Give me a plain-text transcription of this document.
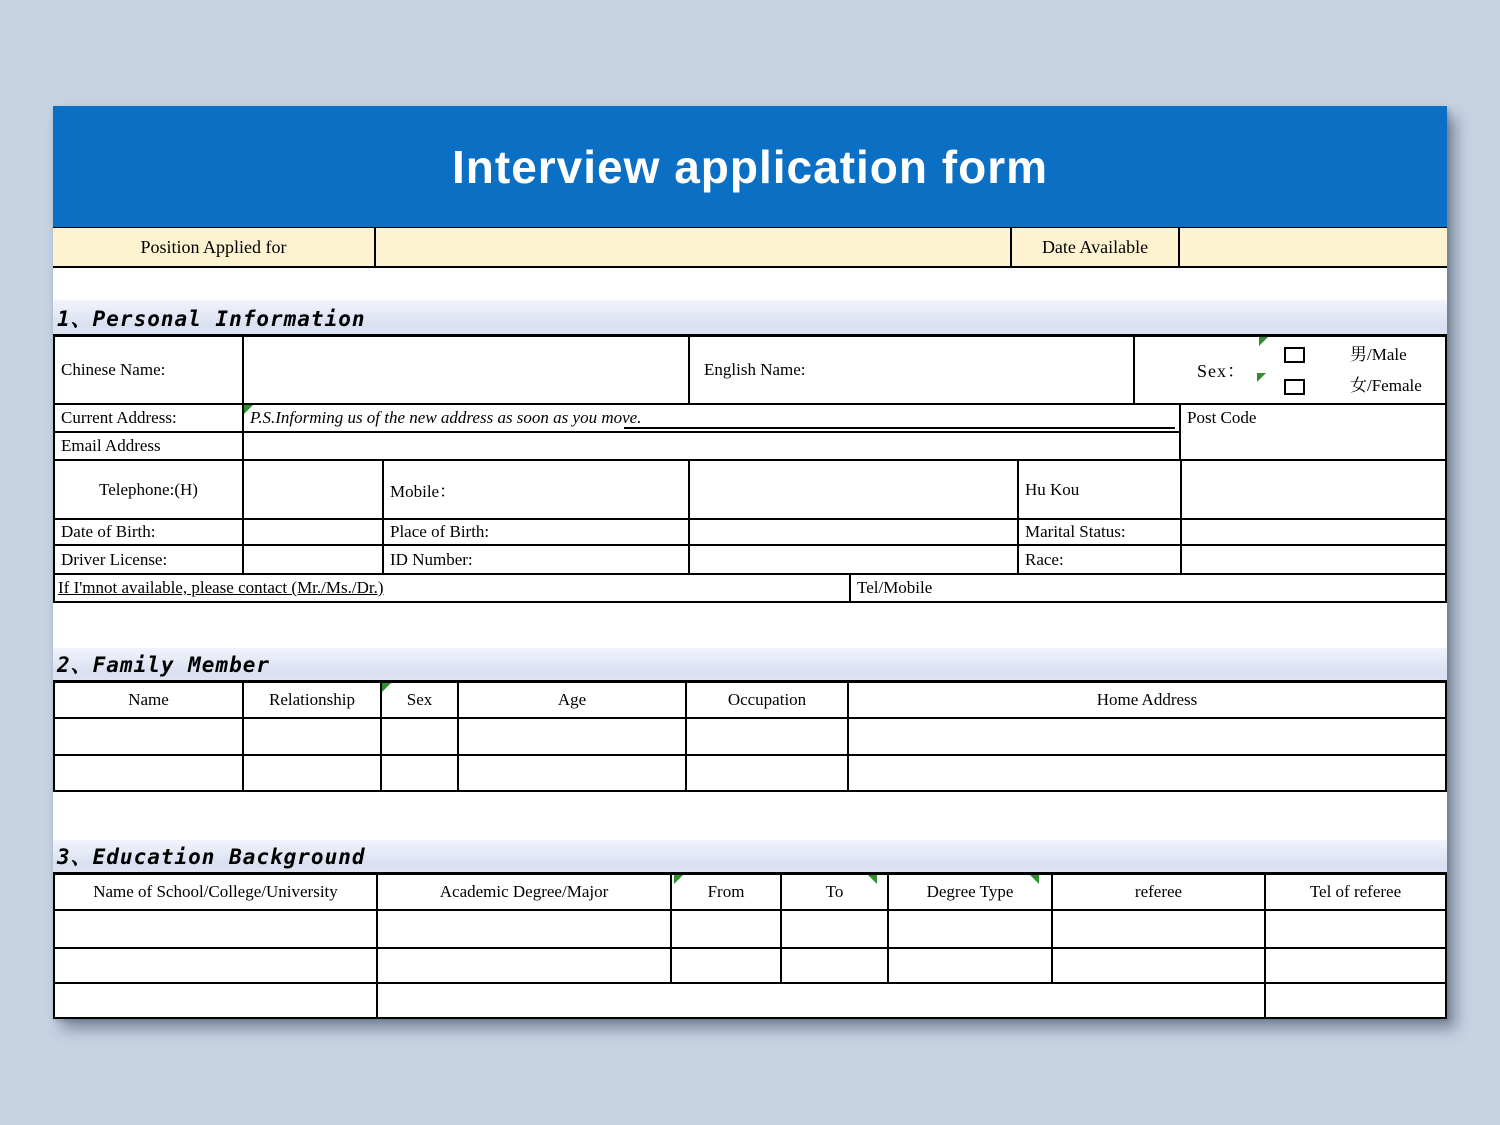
Interview application form
Position Applied for	Date Available
1、Personal Information
Chinese Name:	English Name:	Sex：
男/Male
女/Female
Current Address:	P.S.Informing us of the new address as soon as you move.
Email Address
Post Code
Telephone:(H)	Mobile：	Hu Kou
Date of Birth:	Place of Birth:	Marital Status:
Driver License:	ID Number:	Race:
If I'mnot available, please contact (Mr./Ms./Dr.)	Tel/Mobile
2、Family Member
Name	Relationship	Sex	Age	Occupation	Home Address
3、Education Background
Name of School/College/University	Academic Degree/Major	From	To	Degree Type	referee	Tel of referee
